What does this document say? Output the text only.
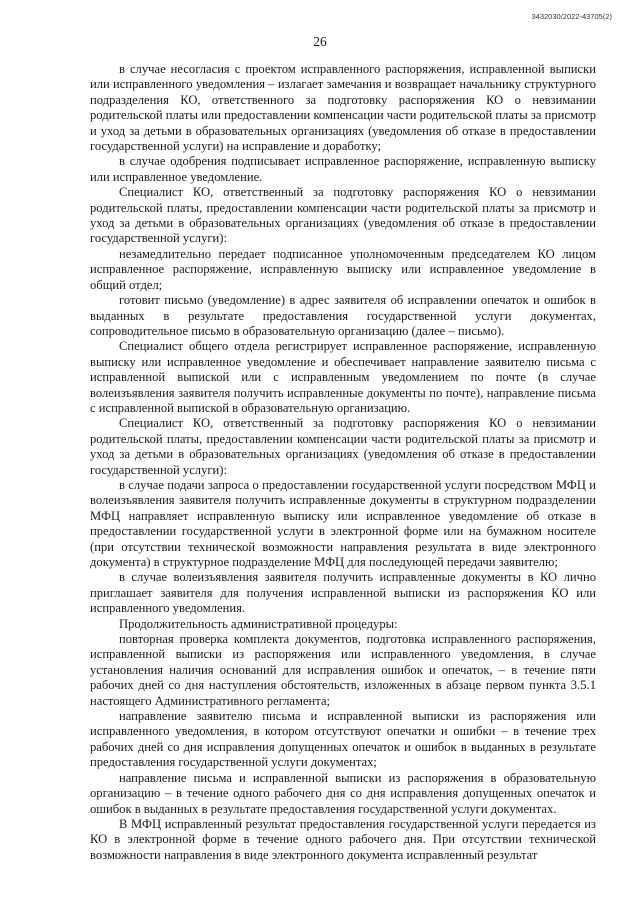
3432030/2022-43705(2)
26

в случае несогласия с проектом исправленного распоряжения, исправленной выписки или исправленного уведомления – излагает замечания и возвращает начальнику структурного подразделения КО, ответственного за подготовку распоряжения КО о невзимании родительской платы или предоставлении компенсации части родительской платы за присмотр и уход за детьми в образовательных организациях (уведомления об отказе в предоставлении государственной услуги) на исправление и доработку;

в случае одобрения подписывает исправленное распоряжение, исправленную выписку или исправленное уведомление.

Специалист КО, ответственный за подготовку распоряжения КО о невзимании родительской платы, предоставлении компенсации части родительской платы за присмотр и уход за детьми в образовательных организациях (уведомления об отказе в предоставлении государственной услуги):

незамедлительно передает подписанное уполномоченным председателем КО лицом исправленное распоряжение, исправленную выписку или исправленное уведомление в общий отдел;

готовит письмо (уведомление) в адрес заявителя об исправлении опечаток и ошибок в выданных в результате предоставления государственной услуги документах, сопроводительное письмо в образовательную организацию (далее – письмо).

Специалист общего отдела регистрирует исправленное распоряжение, исправленную выписку или исправленное уведомление и обеспечивает направление заявителю письма с исправленной выпиской или с исправленным уведомлением по почте (в случае волеизъявления заявителя получить исправленные документы по почте), направление письма с исправленной выпиской в образовательную организацию.

Специалист КО, ответственный за подготовку распоряжения КО о невзимании родительской платы, предоставлении компенсации части родительской платы за присмотр и уход за детьми в образовательных организациях (уведомления об отказе в предоставлении государственной услуги):

в случае подачи запроса о предоставлении государственной услуги посредством МФЦ и волеизъявления заявителя получить исправленные документы в структурном подразделении МФЦ направляет исправленную выписку или исправленное уведомление об отказе в предоставлении государственной услуги в электронной форме или на бумажном носителе (при отсутствии технической возможности направления результата в виде электронного документа) в структурное подразделение МФЦ для последующей передачи заявителю;

в случае волеизъявления заявителя получить исправленные документы в КО лично приглашает заявителя для получения исправленной выписки из распоряжения КО или исправленного уведомления.

Продолжительность административной процедуры:

повторная проверка комплекта документов, подготовка исправленного распоряжения, исправленной выписки из распоряжения или исправленного уведомления, в случае установления наличия оснований для исправления ошибок и опечаток, – в течение пяти рабочих дней со дня наступления обстоятельств, изложенных в абзаце первом пункта 3.5.1 настоящего Административного регламента;

направление заявителю письма и исправленной выписки из распоряжения или исправленного уведомления, в котором отсутствуют опечатки и ошибки – в течение трех рабочих дней со дня исправления допущенных опечаток и ошибок в выданных в результате предоставления государственной услуги документах;

направление письма и исправленной выписки из распоряжения в образовательную организацию – в течение одного рабочего дня со дня исправления допущенных опечаток и ошибок в выданных в результате предоставления государственной услуги документах.

В МФЦ исправленный результат предоставления государственной услуги передается из КО в электронной форме в течение одного рабочего дня. При отсутствии технической возможности направления в виде электронного документа исправленный результат
